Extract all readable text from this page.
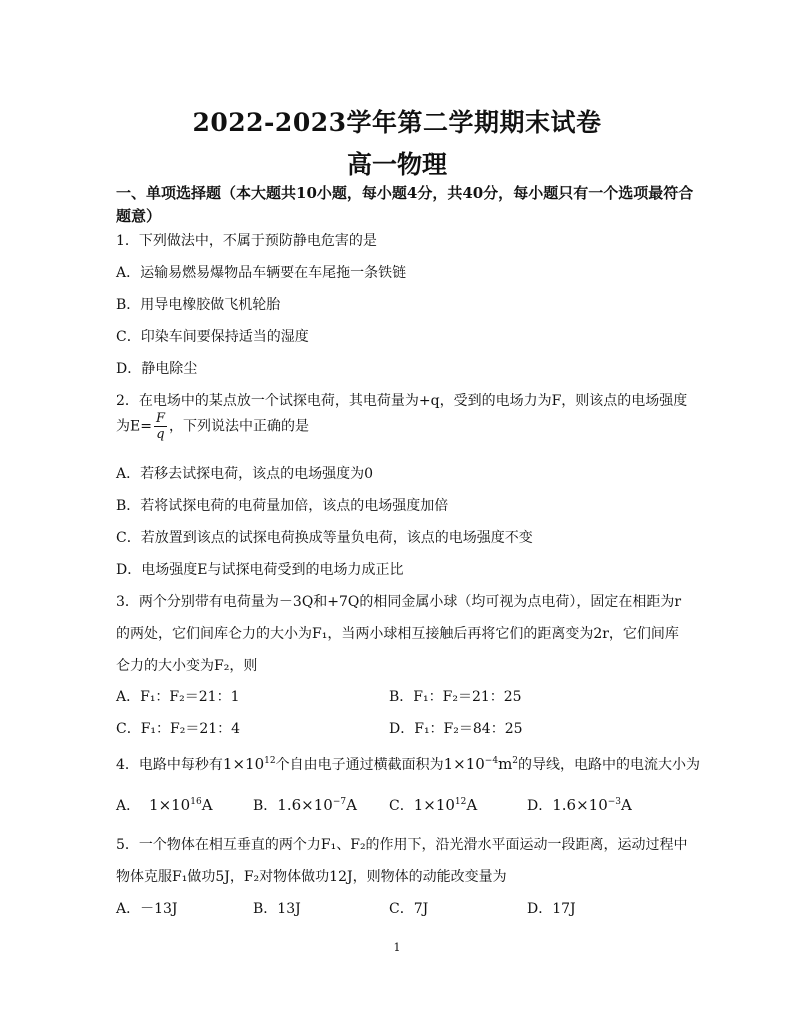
2022-2023学年第二学期期末试卷
高一物理
一、单项选择题（本大题共10小题，每小题4分，共40分，每小题只有一个选项最符合题意）
1．下列做法中，不属于预防静电危害的是
A．运输易燃易爆物品车辆要在车尾拖一条铁链
B．用导电橡胶做飞机轮胎
C．印染车间要保持适当的湿度
D．静电除尘
2．在电场中的某点放一个试探电荷，其电荷量为+q，受到的电场力为F，则该点的电场强度
为$E= \frac{F}{q}$ ，下列说法中正确的是
A．若移去试探电荷，该点的电场强度为0
B．若将试探电荷的电荷量加倍，该点的电场强度加倍
C．若放置到该点的试探电荷换成等量负电荷，该点的电场强度不变
D．电场强度E与试探电荷受到的电场力成正比
3．两个分别带有电荷量为－3Q和+7Q的相同金属小球（均可视为点电荷），固定在相距为r
的两处，它们间库仑力的大小为F₁，当两小球相互接触后再将它们的距离变为2r，它们间库
仑力的大小变为F₂，则
A．F₁：F₂＝21：1	B．F₁：F₂＝21：25
C．F₁：F₂＝21：4	D．F₁：F₂＝84：25
4．电路中每秒有$1\times 10^{12}$个自由电子通过横截面积为$1\times 10^{-4}m^2$的导线，电路中的电流大小为
A． $1\times 10^{16}A$	B．$1.6\times 10^{-7}A$ C．$1\times 10^{12}A$	D．$1.6\times 10^{-3}A$
5．一个物体在相互垂直的两个力F₁、F₂的作用下，沿光滑水平面运动一段距离，运动过程中
物体克服F₁做功5J，F₂对物体做功12J，则物体的动能改变量为
A．－13J	B．13J	C．7J	D．17J
1
